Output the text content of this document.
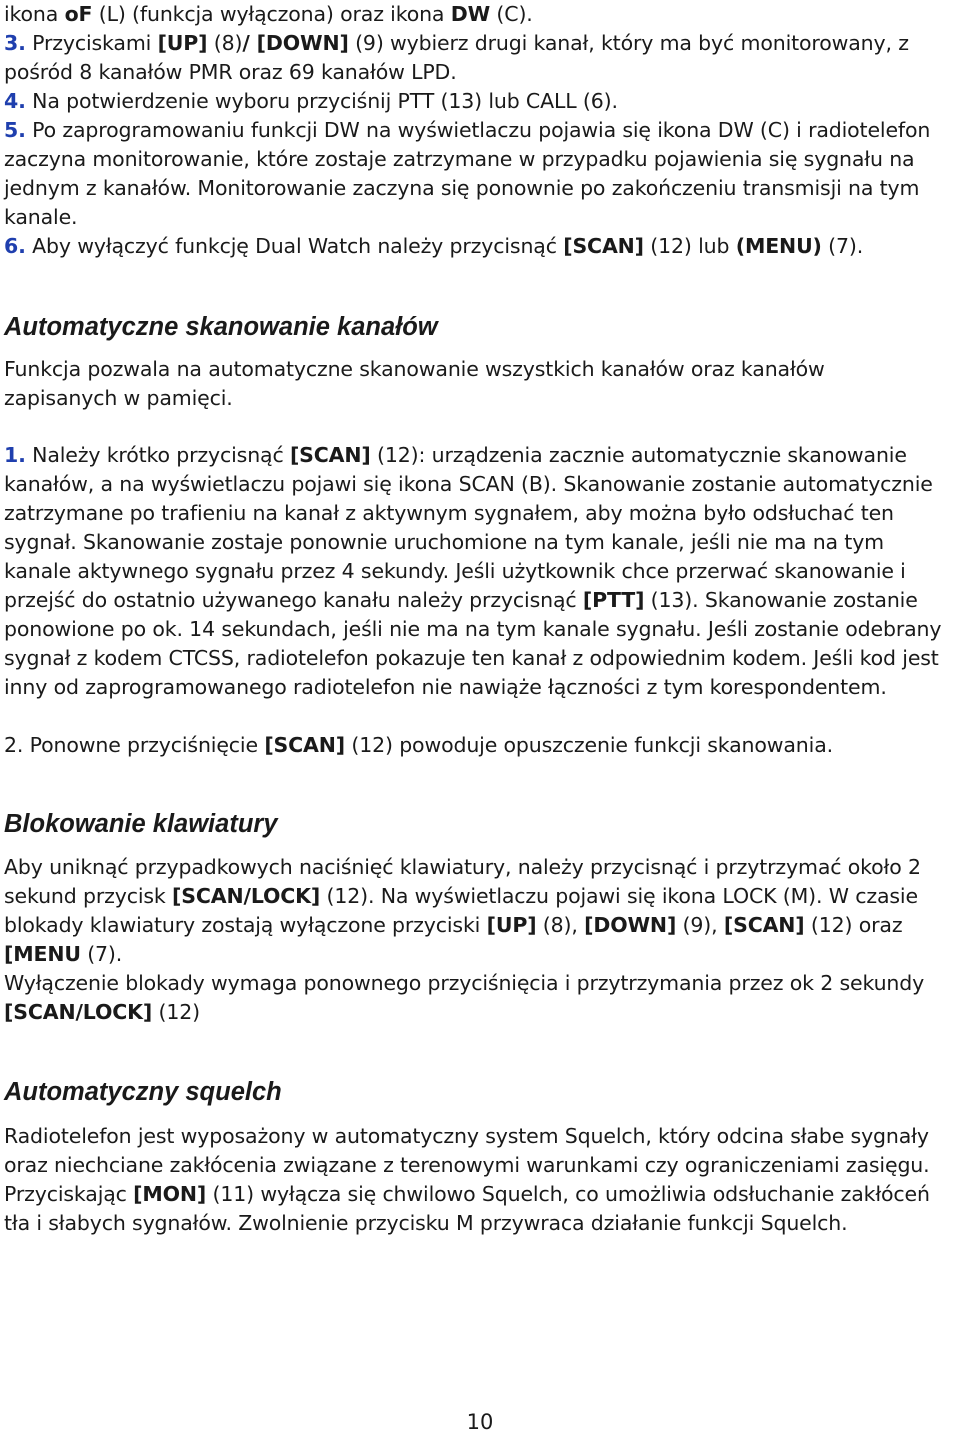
ikona oF (L) (funkcja wyłączona) oraz ikona DW (C).

3. Przyciskami [UP] (8)/ [DOWN] (9) wybierz drugi kanał, który ma być monitorowany, z pośród 8 kanałów PMR oraz 69 kanałów LPD.

4. Na potwierdzenie wyboru przyciśnij PTT (13) lub CALL (6).

5. Po zaprogramowaniu funkcji DW na wyświetlaczu pojawia się ikona DW (C) i radiotelefon zaczyna monitorowanie, które zostaje zatrzymane w przypadku pojawienia się sygnału na jednym z kanałów. Monitorowanie zaczyna się ponownie po zakończeniu transmisji na tym kanale.

6. Aby wyłączyć funkcję Dual Watch należy przycisnąć [SCAN] (12) lub (MENU) (7).

Automatyczne skanowanie kanałów

Funkcja pozwala na automatyczne skanowanie wszystkich kanałów oraz kanałów zapisanych w pamięci.

1. Należy krótko przycisnąć [SCAN] (12): urządzenia zacznie automatycznie skanowanie kanałów, a na wyświetlaczu pojawi się ikona SCAN (B). Skanowanie zostanie automatycznie zatrzymane po trafieniu na kanał z aktywnym sygnałem, aby można było odsłuchać ten sygnał. Skanowanie zostaje ponownie uruchomione na tym kanale, jeśli nie ma na tym kanale aktywnego sygnału przez 4 sekundy. Jeśli użytkownik chce przerwać skanowanie i przejść do ostatnio używanego kanału należy przycisnąć [PTT] (13). Skanowanie zostanie ponowione po ok. 14 sekundach, jeśli nie ma na tym kanale sygnału. Jeśli zostanie odebrany sygnał z kodem CTCSS, radiotelefon pokazuje ten kanał z odpowiednim kodem. Jeśli kod jest inny od zaprogramowanego radiotelefon nie nawiąże łączności z tym korespondentem.

2. Ponowne przyciśnięcie [SCAN] (12) powoduje opuszczenie funkcji skanowania.

Blokowanie klawiatury

Aby uniknąć przypadkowych naciśnięć klawiatury, należy przycisnąć i przytrzymać około 2 sekund przycisk [SCAN/LOCK] (12). Na wyświetlaczu pojawi się ikona LOCK (M). W czasie blokady klawiatury zostają wyłączone przyciski [UP] (8), [DOWN] (9), [SCAN] (12) oraz [MENU (7).

Wyłączenie blokady wymaga ponownego przyciśnięcia i przytrzymania przez ok 2 sekundy [SCAN/LOCK] (12)

Automatyczny squelch

Radiotelefon jest wyposażony w automatyczny system Squelch, który odcina słabe sygnały oraz niechciane zakłócenia związane z terenowymi warunkami czy ograniczeniami zasięgu. Przyciskając [MON] (11) wyłącza się chwilowo Squelch, co umożliwia odsłuchanie zakłóceń tła i słabych sygnałów. Zwolnienie przycisku M przywraca działanie funkcji Squelch.

10
